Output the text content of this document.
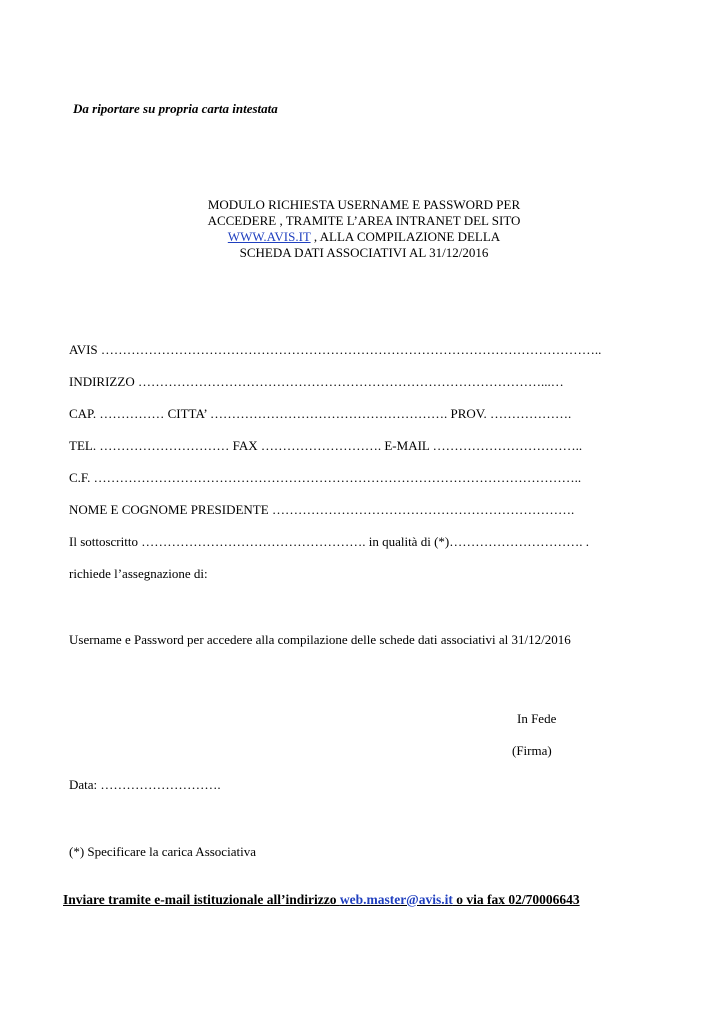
Da riportare su propria carta intestata
MODULO RICHIESTA USERNAME E PASSWORD PER
ACCEDERE , TRAMITE L’AREA INTRANET DEL SITO
WWW.AVIS.IT , ALLA COMPILAZIONE DELLA
SCHEDA DATI ASSOCIATIVI AL 31/12/2016
AVIS ……………………………………………………………………………………………………..
INDIRIZZO …………………………………………………………………………………...…
CAP. …………… CITTA’ ………………………………………………. PROV. ……………….
TEL. ………………………… FAX ………………………. E-MAIL ……………………………..
C.F. …………………………………………………………………………………………………..
NOME E COGNOME PRESIDENTE …………………………………………………………….
Il sottoscritto ……………………………………………. in qualità di (*)…………………………. .
richiede l’assegnazione di:
Username e Password per accedere alla compilazione delle schede dati associativi al 31/12/2016
In Fede
(Firma)
Data: ……………………….
(*) Specificare la carica Associativa
Inviare tramite e-mail istituzionale all’indirizzo web.master@avis.it o via fax 02/70006643
